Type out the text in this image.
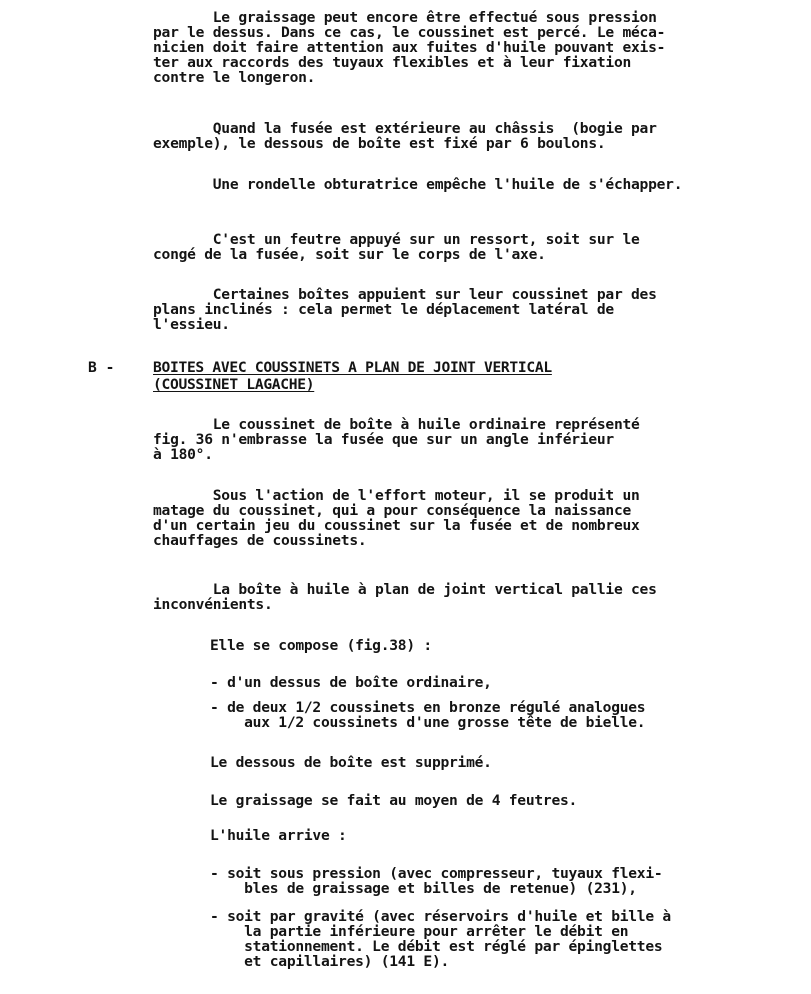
Le graissage peut encore être effectué sous pression
par le dessus. Dans ce cas, le coussinet est percé. Le méca-
nicien doit faire attention aux fuites d'huile pouvant exis-
ter aux raccords des tuyaux flexibles et à leur fixation
contre le longeron.

Quand la fusée est extérieure au châssis  (bogie par
exemple), le dessous de boîte est fixé par 6 boulons.

Une rondelle obturatrice empêche l'huile de s'échapper.

C'est un feutre appuyé sur un ressort, soit sur le
congé de la fusée, soit sur le corps de l'axe.

Certaines boîtes appuient sur leur coussinet par des
plans inclinés : cela permet le déplacement latéral de
l'essieu.

B -	BOITES AVEC COUSSINETS A PLAN DE JOINT VERTICAL
(COUSSINET LAGACHE)

Le coussinet de boîte à huile ordinaire représenté
fig. 36 n'embrasse la fusée que sur un angle inférieur
à 180°.

Sous l'action de l'effort moteur, il se produit un
matage du coussinet, qui a pour conséquence la naissance
d'un certain jeu du coussinet sur la fusée et de nombreux
chauffages de coussinets.

La boîte à huile à plan de joint vertical pallie ces
inconvénients.

Elle se compose (fig.38) :

- d'un dessus de boîte ordinaire,

- de deux 1/2 coussinets en bronze régulé analogues
aux 1/2 coussinets d'une grosse tête de bielle.

Le dessous de boîte est supprimé.

Le graissage se fait au moyen de 4 feutres.

L'huile arrive :

- soit sous pression (avec compresseur, tuyaux flexi-
bles de graissage et billes de retenue) (231),

- soit par gravité (avec réservoirs d'huile et bille à
la partie inférieure pour arrêter le débit en
stationnement. Le débit est réglé par épinglettes
et capillaires) (141 E).
